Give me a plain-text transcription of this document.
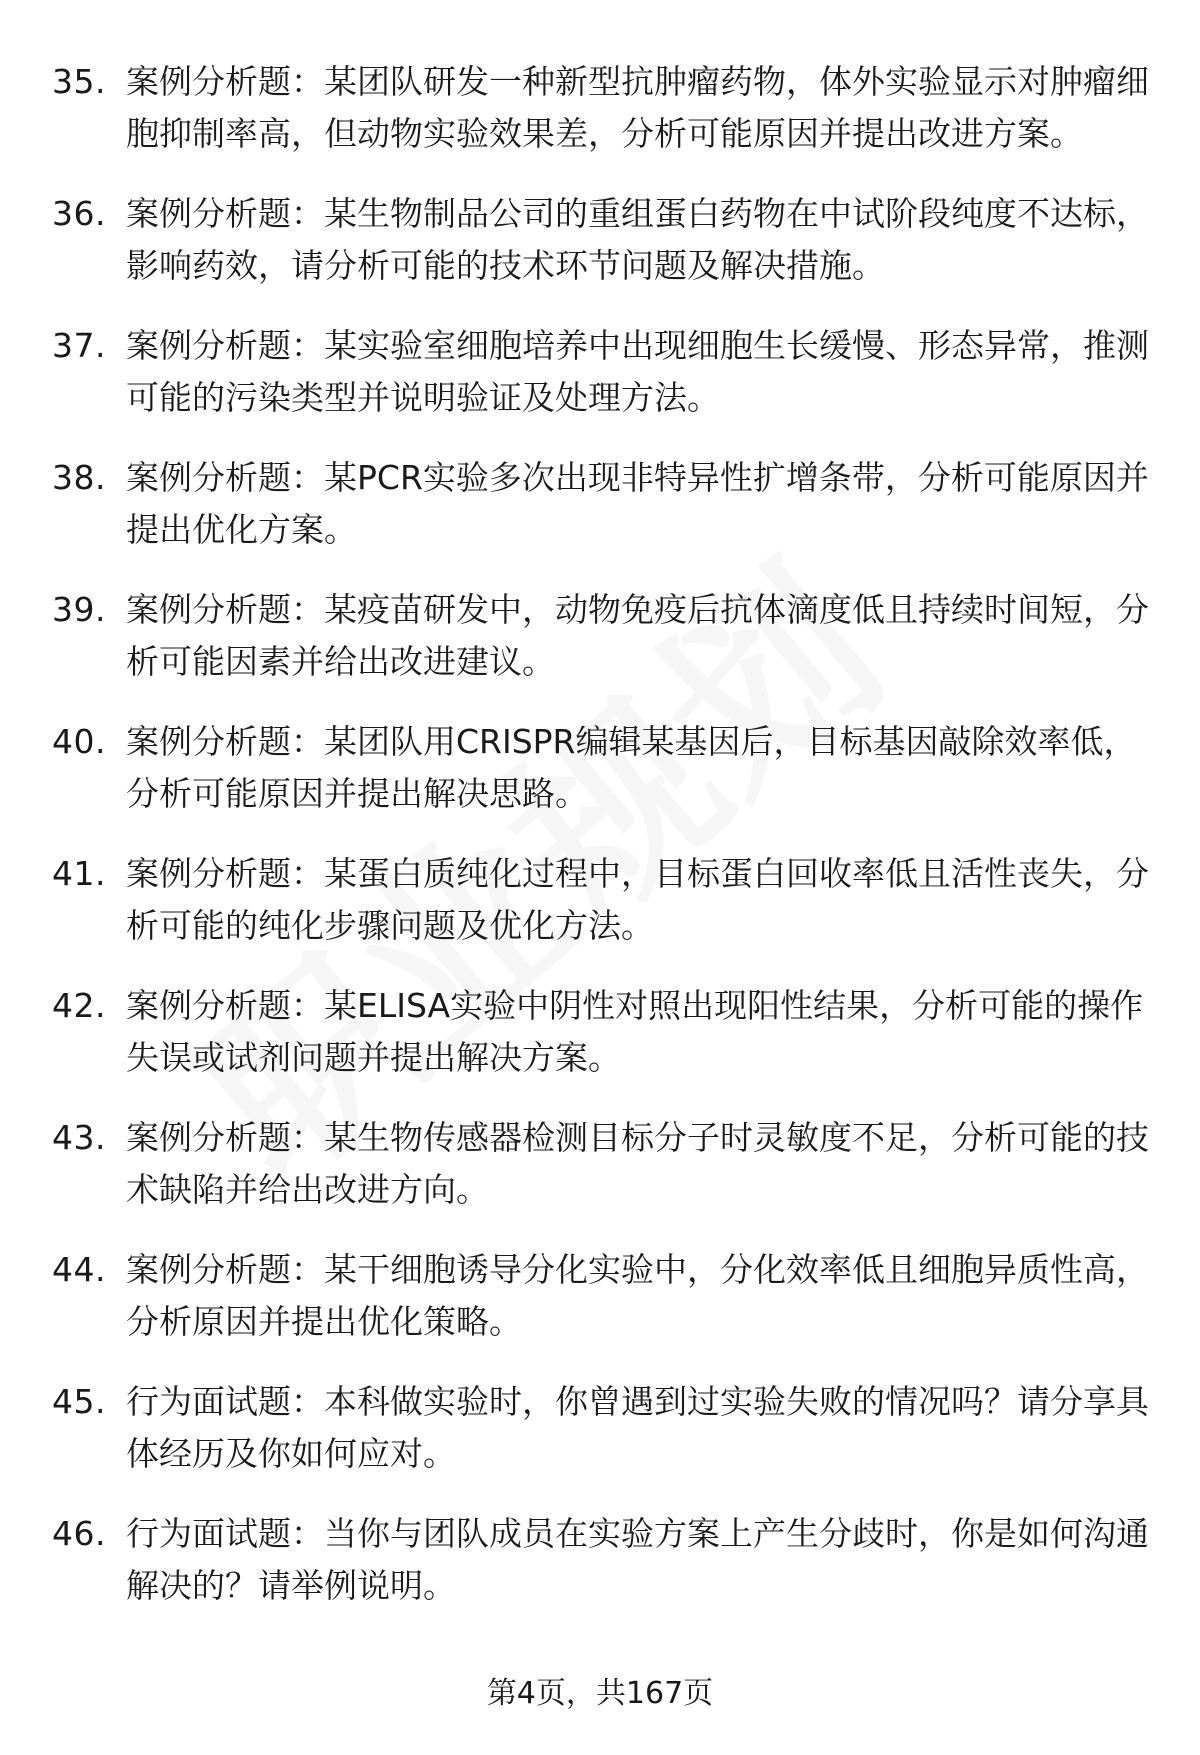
35. 案例分析题：某团队研发一种新型抗肿瘤药物，体外实验显示对肿瘤细胞抑制率高，但动物实验效果差，分析可能原因并提出改进方案。
36. 案例分析题：某生物制品公司的重组蛋白药物在中试阶段纯度不达标，影响药效，请分析可能的技术环节问题及解决措施。
37. 案例分析题：某实验室细胞培养中出现细胞生长缓慢、形态异常，推测可能的污染类型并说明验证及处理方法。
38. 案例分析题：某PCR实验多次出现非特异性扩增条带，分析可能原因并提出优化方案。
39. 案例分析题：某疫苗研发中，动物免疫后抗体滴度低且持续时间短，分析可能因素并给出改进建议。
40. 案例分析题：某团队用CRISPR编辑某基因后，目标基因敲除效率低，分析可能原因并提出解决思路。
41. 案例分析题：某蛋白质纯化过程中，目标蛋白回收率低且活性丧失，分析可能的纯化步骤问题及优化方法。
42. 案例分析题：某ELISA实验中阴性对照出现阳性结果，分析可能的操作失误或试剂问题并提出解决方案。
43. 案例分析题：某生物传感器检测目标分子时灵敏度不足，分析可能的技术缺陷并给出改进方向。
44. 案例分析题：某干细胞诱导分化实验中，分化效率低且细胞异质性高，分析原因并提出优化策略。
45. 行为面试题：本科做实验时，你曾遇到过实验失败的情况吗？请分享具体经历及你如何应对。
46. 行为面试题：当你与团队成员在实验方案上产生分歧时，你是如何沟通解决的？请举例说明。
第4页，共167页
